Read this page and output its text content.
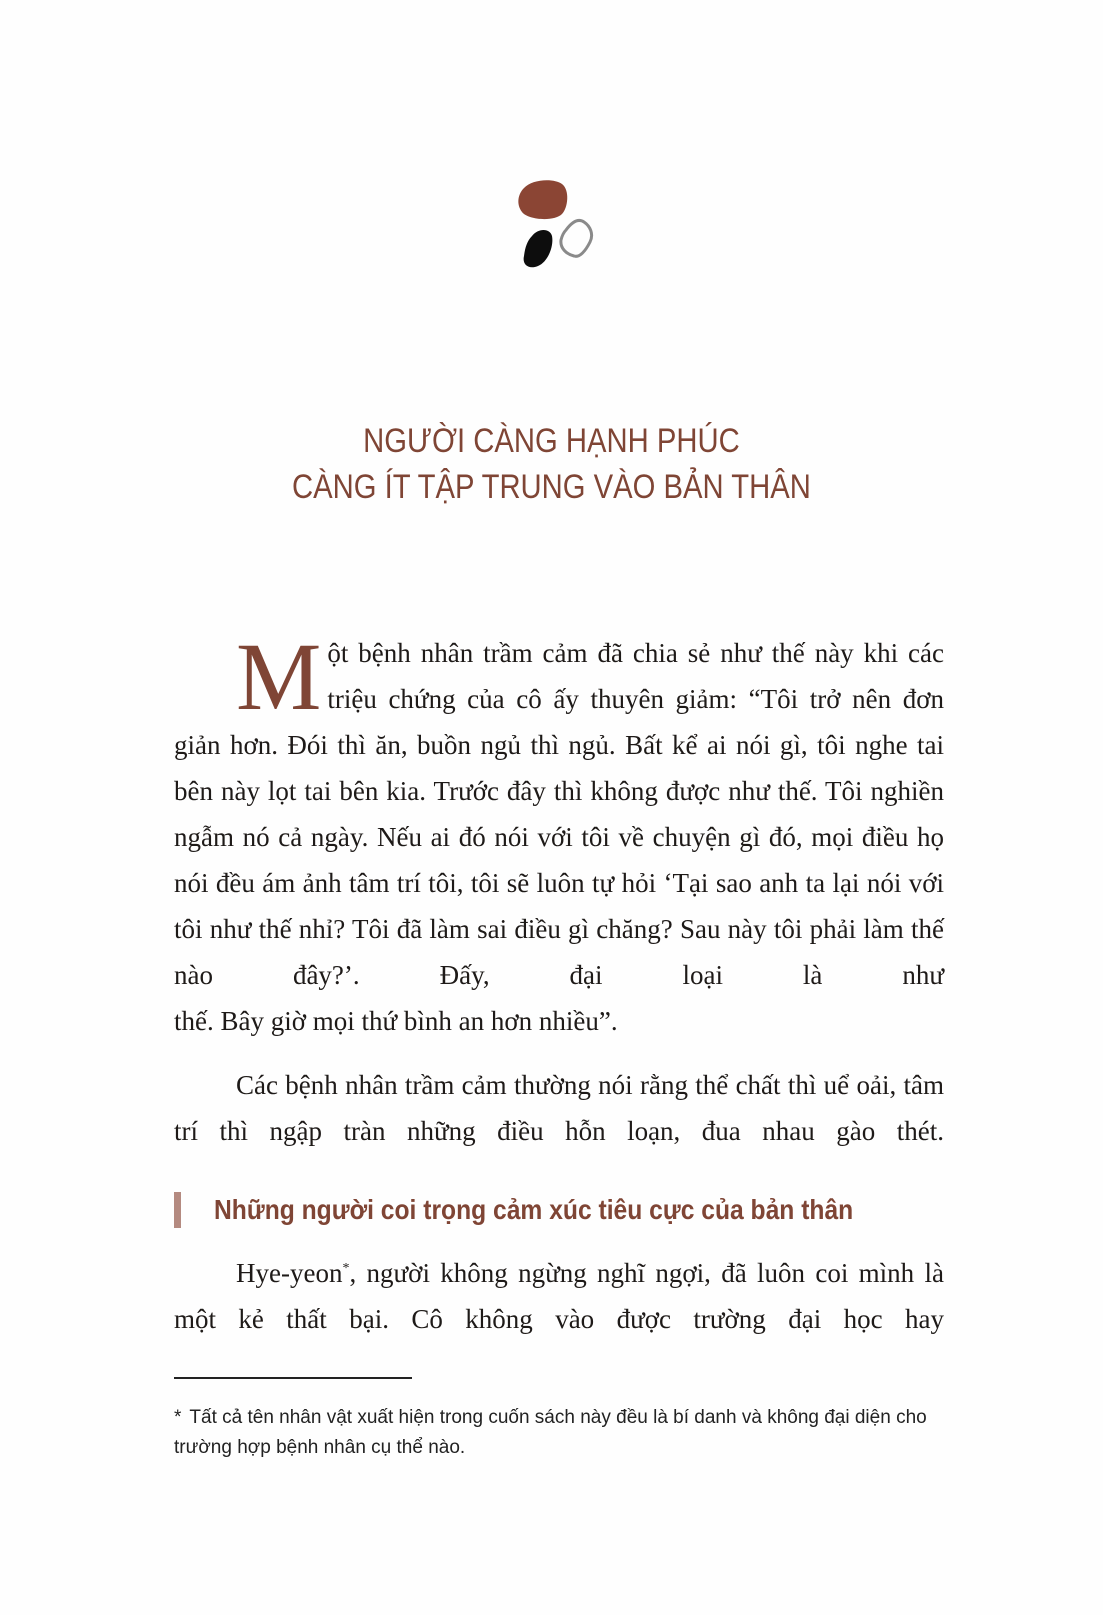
NGƯỜI CÀNG HẠNH PHÚC
CÀNG ÍT TẬP TRUNG VÀO BẢN THÂN
M ột bệnh nhân trầm cảm đã chia sẻ như thế này khi các triệu chứng của cô ấy thuyên giảm: “Tôi trở nên đơn giản hơn. Đói thì ăn, buồn ngủ thì ngủ. Bất kể ai nói gì, tôi nghe tai bên này lọt tai bên kia. Trước đây thì không được như thế. Tôi nghiền ngẫm nó cả ngày. Nếu ai đó nói với tôi về chuyện gì đó, mọi điều họ nói đều ám ảnh tâm trí tôi, tôi sẽ luôn tự hỏi ‘Tại sao anh ta lại nói với tôi như thế nhỉ? Tôi đã làm sai điều gì chăng? Sau này tôi phải làm thế nào đây?’. Đấy, đại loại là như

thế. Bây giờ mọi thứ bình an hơn nhiều”.

Các bệnh nhân trầm cảm thường nói rằng thể chất thì uể oải, tâm trí thì ngập tràn những điều hỗn loạn, đua nhau gào thét.

Những người coi trọng cảm xúc tiêu cực của bản thân

Hye-yeon*, người không ngừng nghĩ ngợi, đã luôn coi mình là một kẻ thất bại. Cô không vào được trường đại học hay

* Tất cả tên nhân vật xuất hiện trong cuốn sách này đều là bí danh và không đại diện cho trường hợp bệnh nhân cụ thể nào.
